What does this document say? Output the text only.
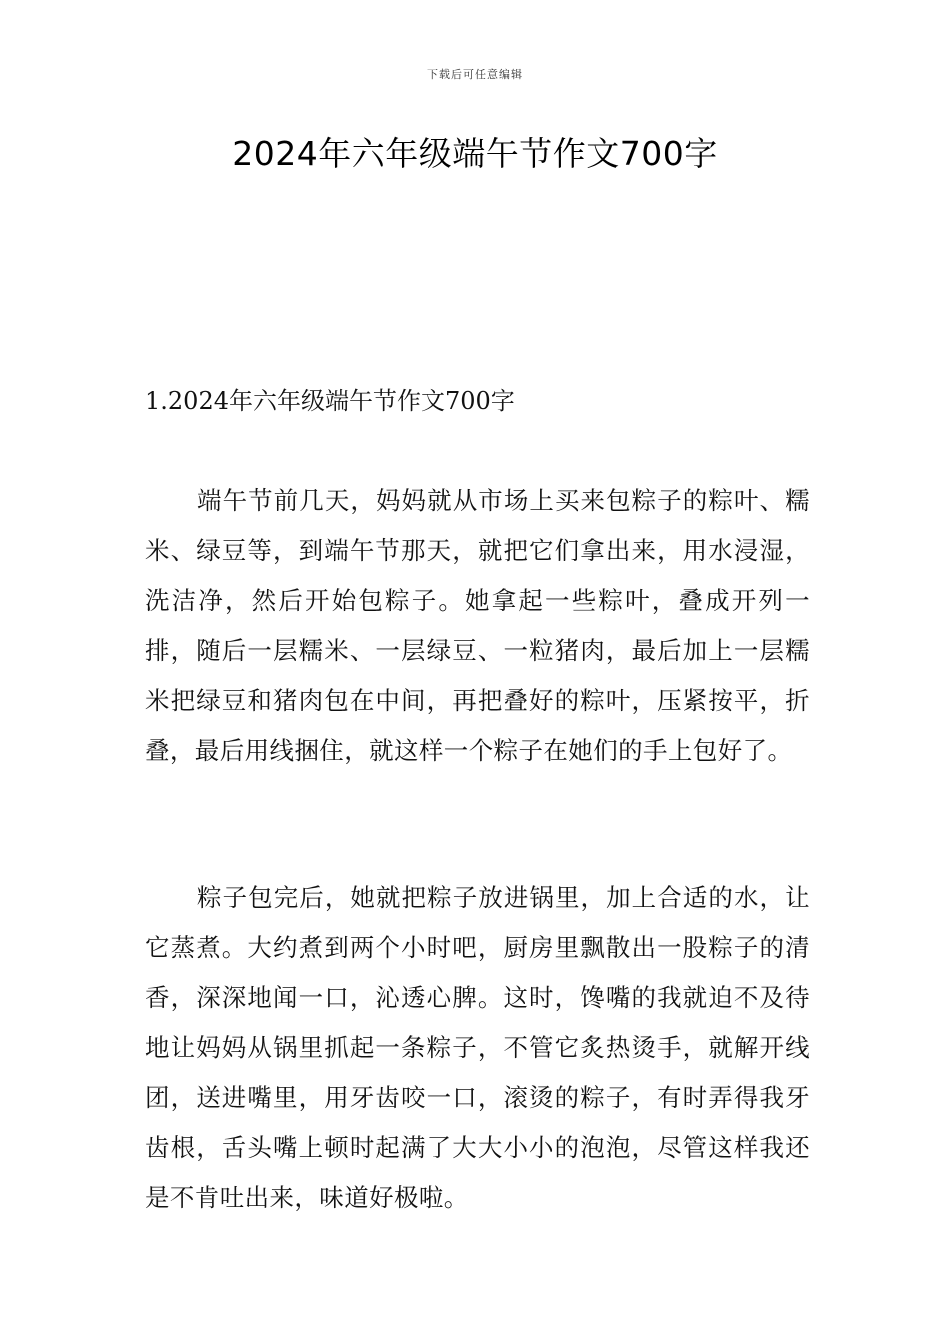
下载后可任意编辑
2024年六年级端午节作文700字
1.2024年六年级端午节作文700字

端午节前几天，妈妈就从市场上买来包粽子的粽叶、糯米、绿豆等，到端午节那天，就把它们拿出来，用水浸湿，洗洁净，然后开始包粽子。她拿起一些粽叶，叠成开列一排，随后一层糯米、一层绿豆、一粒猪肉，最后加上一层糯米把绿豆和猪肉包在中间，再把叠好的粽叶，压紧按平，折叠，最后用线捆住，就这样一个粽子在她们的手上包好了。

粽子包完后，她就把粽子放进锅里，加上合适的水，让它蒸煮。大约煮到两个小时吧，厨房里飘散出一股粽子的清香，深深地闻一口，沁透心脾。这时，馋嘴的我就迫不及待地让妈妈从锅里抓起一条粽子，不管它炙热烫手，就解开线团，送进嘴里，用牙齿咬一口，滚烫的粽子，有时弄得我牙齿根，舌头嘴上顿时起满了大大小小的泡泡，尽管这样我还是不肯吐出来，味道好极啦。
